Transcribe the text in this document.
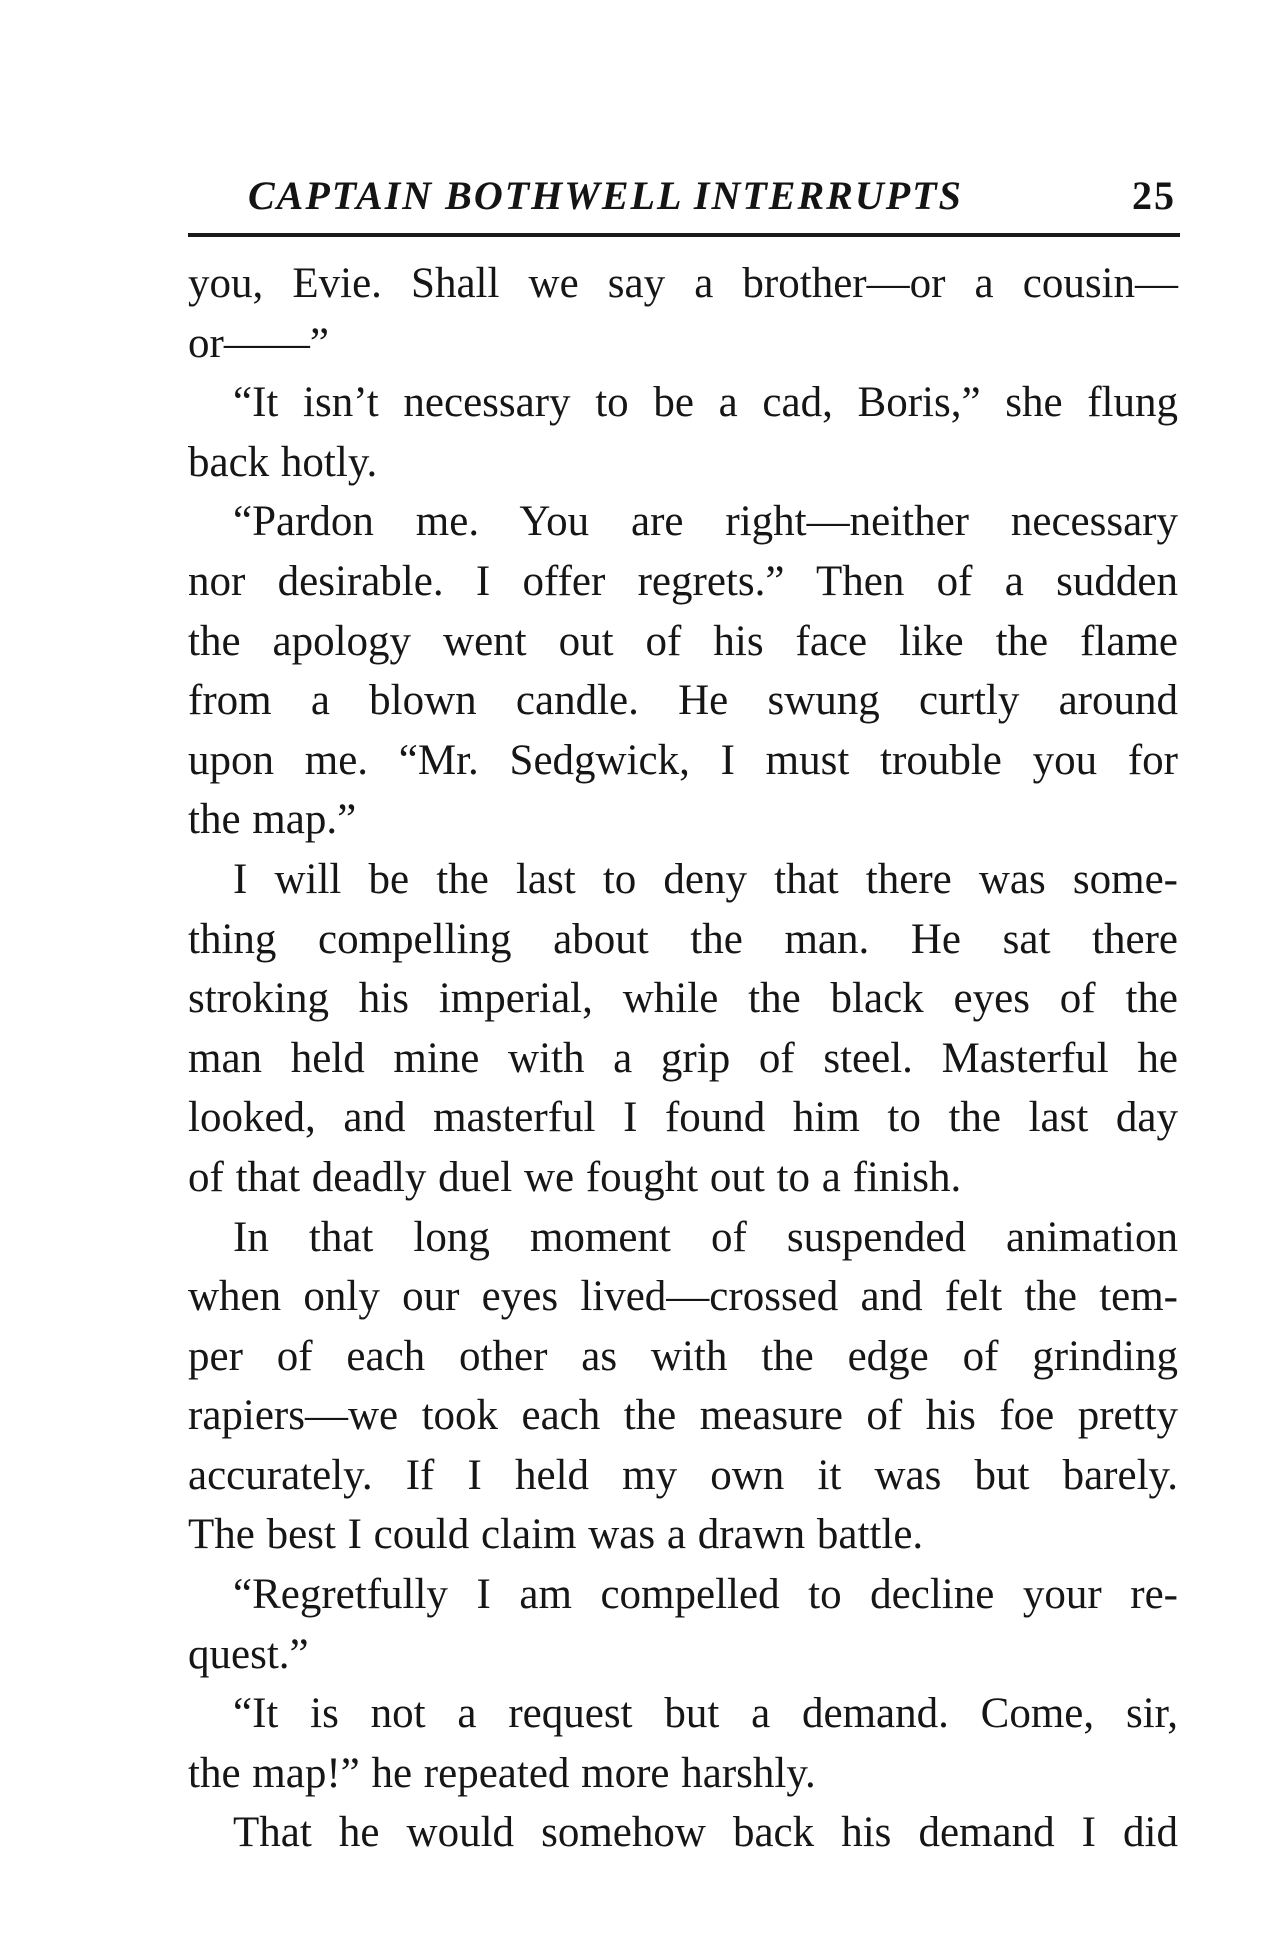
CAPTAIN BOTHWELL INTERRUPTS	25
you, Evie. Shall we say a brother—or a cousin—
or——”
“It isn’t necessary to be a cad, Boris,” she flung
back hotly.
“Pardon me. You are right—neither necessary
nor desirable. I offer regrets.” Then of a sudden
the apology went out of his face like the flame
from a blown candle. He swung curtly around
upon me. “Mr. Sedgwick, I must trouble you for
the map.”
I will be the last to deny that there was some-
thing compelling about the man. He sat there
stroking his imperial, while the black eyes of the
man held mine with a grip of steel. Masterful he
looked, and masterful I found him to the last day
of that deadly duel we fought out to a finish.
In that long moment of suspended animation
when only our eyes lived—crossed and felt the tem-
per of each other as with the edge of grinding
rapiers—we took each the measure of his foe pretty
accurately. If I held my own it was but barely.
The best I could claim was a drawn battle.
“Regretfully I am compelled to decline your re-
quest.”
“It is not a request but a demand. Come, sir,
the map!” he repeated more harshly.
That he would somehow back his demand I did
